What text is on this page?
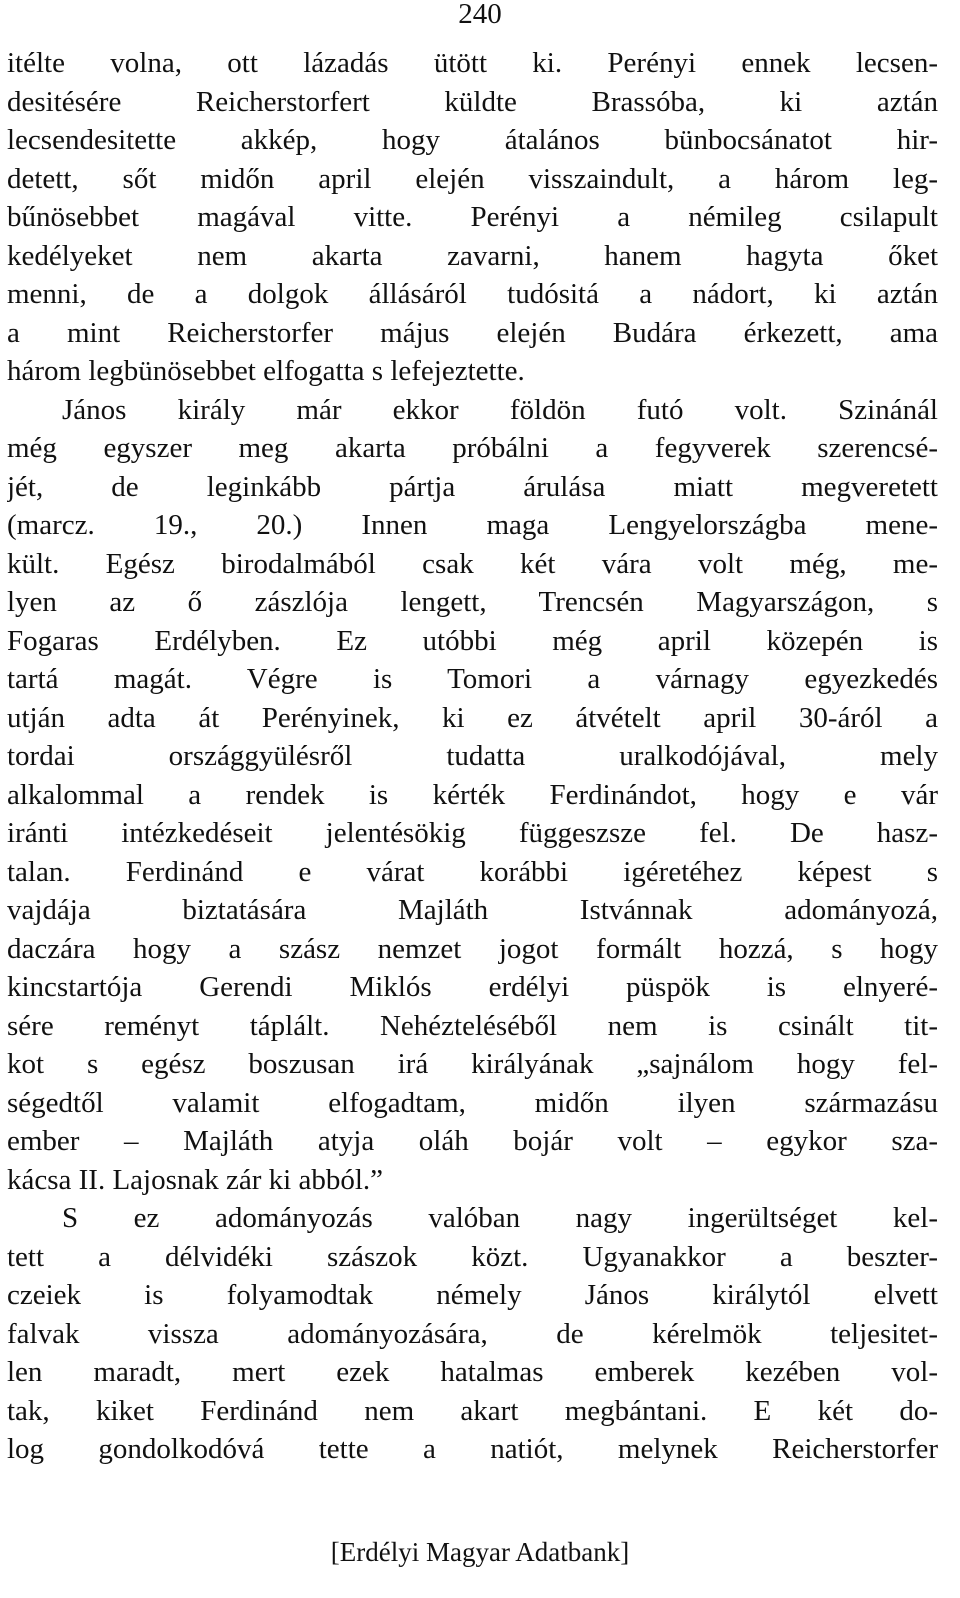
240
itélte volna, ott lázadás ütött ki. Perényi ennek lecsen-
desitésére Reicherstorfert küldte Brassóba, ki aztán
lecsendesitette akkép, hogy átalános bünbocsánatot hir-
detett, sőt midőn april elején visszaindult, a három leg-
bűnösebbet magával vitte. Perényi a némileg csilapult
kedélyeket nem akarta zavarni, hanem hagyta őket
menni, de a dolgok állásáról tudósitá a nádort, ki aztán
a mint Reicherstorfer május elején Budára érkezett, ama
három legbünösebbet elfogatta s lefejeztette.
János király már ekkor földön futó volt. Szinánál
még egyszer meg akarta próbálni a fegyverek szerencsé-
jét, de leginkább pártja árulása miatt megveretett
(marcz. 19., 20.) Innen maga Lengyelországba mene-
kült. Egész birodalmából csak két vára volt még, me-
lyen az ő zászlója lengett, Trencsén Magyarszágon, s
Fogaras Erdélyben. Ez utóbbi még april közepén is
tartá magát. Végre is Tomori a várnagy egyezkedés
utján adta át Perényinek, ki ez átvételt april 30-áról a
tordai országgyülésről tudatta uralkodójával, mely
alkalommal a rendek is kérték Ferdinándot, hogy e vár
iránti intézkedéseit jelentésökig függeszsze fel. De hasz-
talan. Ferdinánd e várat korábbi igéretéhez képest s
vajdája biztatására Majláth Istvánnak adományozá,
daczára hogy a szász nemzet jogot formált hozzá, s hogy
kincstartója Gerendi Miklós erdélyi püspök is elnyeré-
sére reményt táplált. Nehézteléséből nem is csinált tit-
kot s egész boszusan irá királyának „sajnálom hogy fel-
ségedtől valamit elfogadtam, midőn ilyen származásu
ember – Majláth atyja oláh bojár volt – egykor sza-
kácsa II. Lajosnak zár ki abból.”
S ez adományozás valóban nagy ingerültséget kel-
tett a délvidéki szászok közt. Ugyanakkor a beszter-
czeiek is folyamodtak némely János királytól elvett
falvak vissza adományozására, de kérelmök teljesitet-
len maradt, mert ezek hatalmas emberek kezében vol-
tak, kiket Ferdinánd nem akart megbántani. E két do-
log gondolkodóvá tette a natiót, melynek Reicherstorfer
[Erdélyi Magyar Adatbank]
